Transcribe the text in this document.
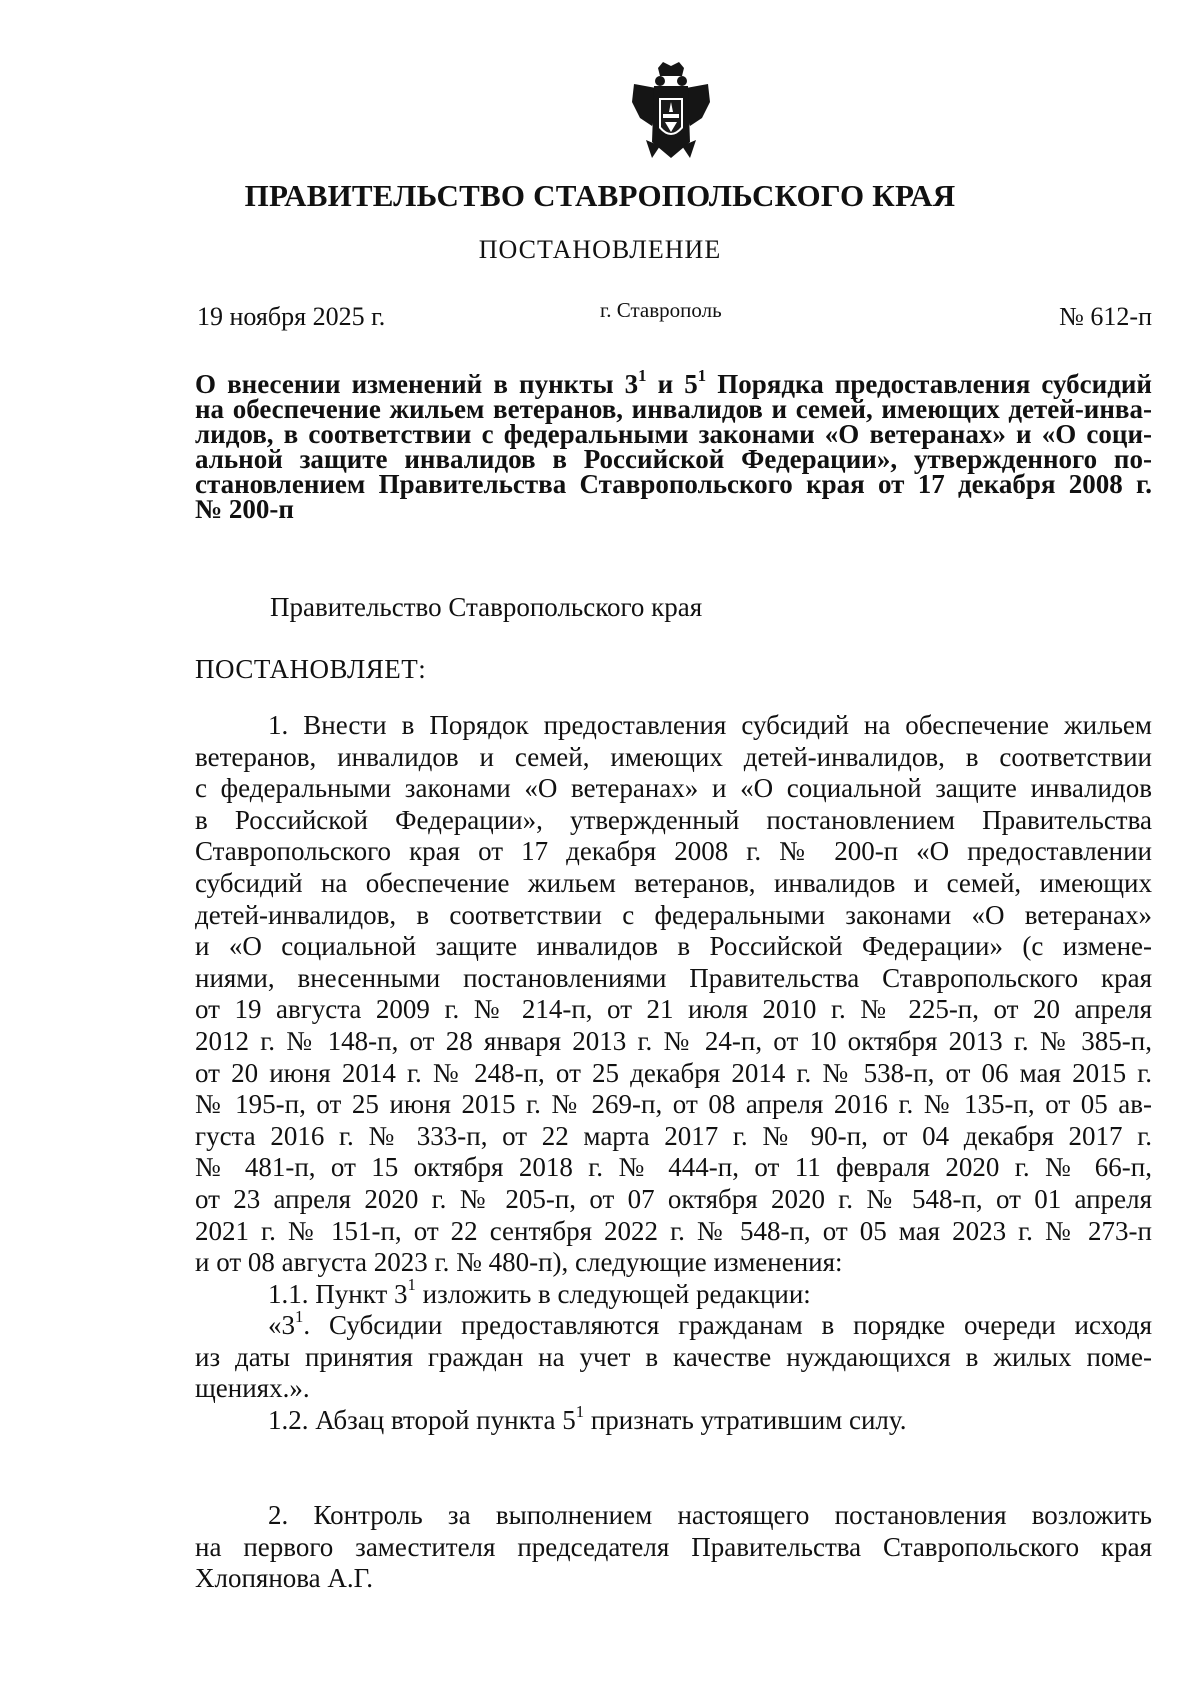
ПРАВИТЕЛЬСТВО СТАВРОПОЛЬСКОГО КРАЯ
ПОСТАНОВЛЕНИЕ
19 ноября 2025 г.	г. Ставрополь	№ 612-п
О внесении изменений в пункты $3^1$ и $5^1$ Порядка предоставления субсидий
на обеспечение жильем ветеранов, инвалидов и семей, имеющих детей-инва-
лидов, в соответствии с федеральными законами «О ветеранах» и «О соци-
альной защите инвалидов в Российской Федерации», утвержденного по-
становлением Правительства Ставропольского края от 17 декабря 2008 г.
№ 200-п
Правительство Ставропольского края
ПОСТАНОВЛЯЕТ:
1. Внести в Порядок предоставления субсидий на обеспечение жильем
ветеранов, инвалидов и семей, имеющих детей-инвалидов, в соответствии
с федеральными законами «О ветеранах» и «О социальной защите инвалидов
в Российской Федерации», утвержденный постановлением Правительства
Ставропольского края от 17 декабря 2008 г. № 200-п «О предоставлении
субсидий на обеспечение жильем ветеранов, инвалидов и семей, имеющих
детей-инвалидов, в соответствии с федеральными законами «О ветеранах»
и «О социальной защите инвалидов в Российской Федерации» (с измене-
ниями, внесенными постановлениями Правительства Ставропольского края
от 19 августа 2009 г. № 214-п, от 21 июля 2010 г. № 225-п, от 20 апреля
2012 г. № 148-п, от 28 января 2013 г. № 24-п, от 10 октября 2013 г. № 385-п,
от 20 июня 2014 г. № 248-п, от 25 декабря 2014 г. № 538-п, от 06 мая 2015 г.
№ 195-п, от 25 июня 2015 г. № 269-п, от 08 апреля 2016 г. № 135-п, от 05 ав-
густа 2016 г. № 333-п, от 22 марта 2017 г. № 90-п, от 04 декабря 2017 г.
№ 481-п, от 15 октября 2018 г. № 444-п, от 11 февраля 2020 г. № 66-п,
от 23 апреля 2020 г. № 205-п, от 07 октября 2020 г. № 548-п, от 01 апреля
2021 г. № 151-п, от 22 сентября 2022 г. № 548-п, от 05 мая 2023 г. № 273-п
и от 08 августа 2023 г. № 480-п), следующие изменения:
1.1. Пункт $3^1$ изложить в следующей редакции:
«$3^1$. Субсидии предоставляются гражданам в порядке очереди исходя
из даты принятия граждан на учет в качестве нуждающихся в жилых поме-
щениях.».
1.2. Абзац второй пункта $5^1$ признать утратившим силу.
2. Контроль за выполнением настоящего постановления возложить
на первого заместителя председателя Правительства Ставропольского края
Хлопянова А.Г.
